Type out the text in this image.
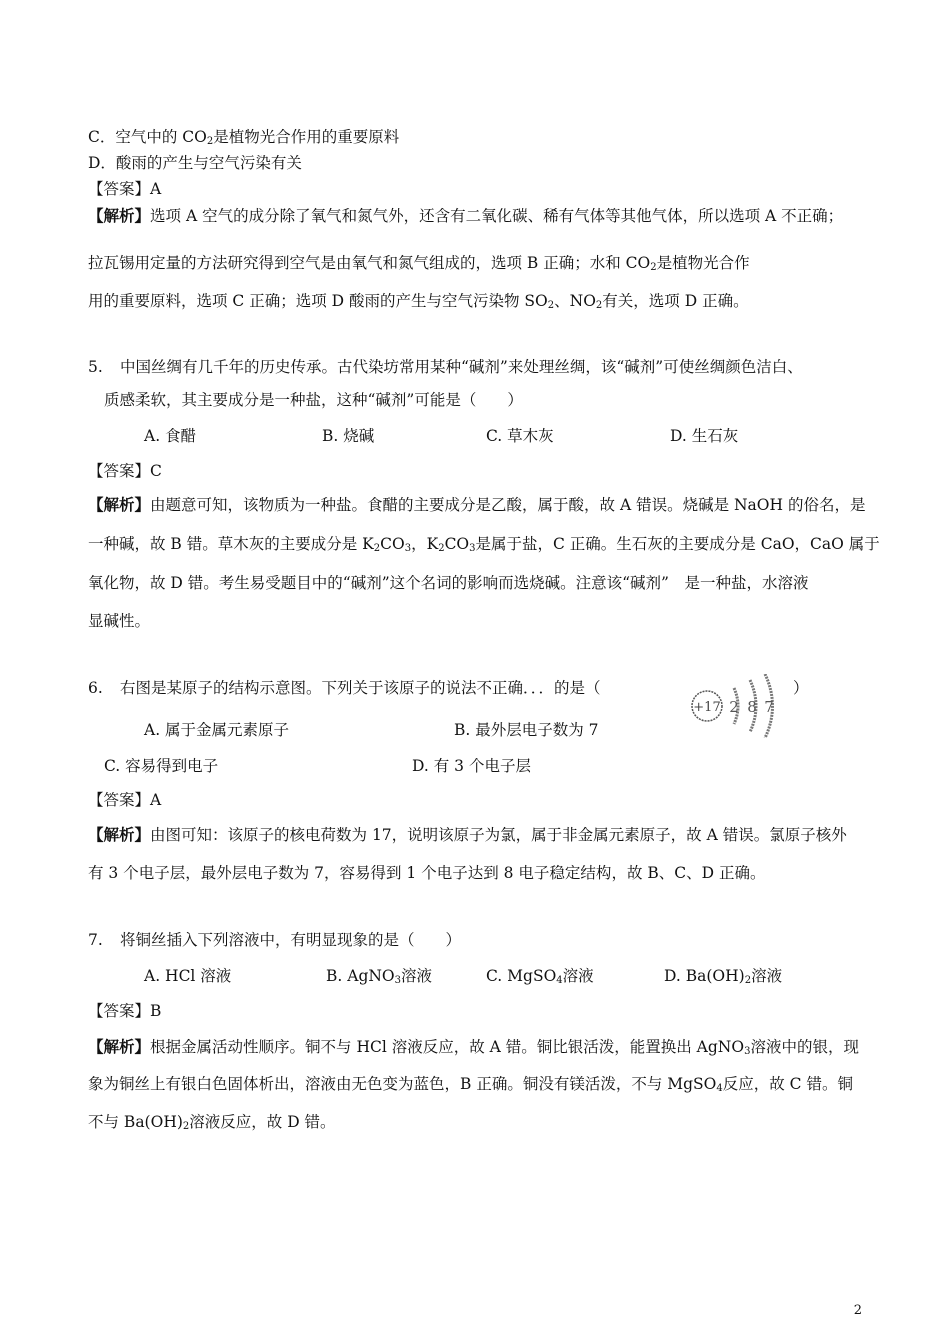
C．空气中的 $CO_2$是植物光合作用的重要原料
D．酸雨的产生与空气污染有关
【答案】A
【解析】选项 A 空气的成分除了氧气和氮气外，还含有二氧化碳、稀有气体等其他气体，所以选项 A 不正确；
拉瓦锡用定量的方法研究得到空气是由氧气和氮气组成的，选项 B 正确；水和 $CO_2$是植物光合作
用的重要原料，选项 C 正确；选项 D 酸雨的产生与空气污染物 $SO_2$、$NO_2$有关，选项 D 正确。
5. 中国丝绸有几千年的历史传承。古代染坊常用某种“碱剂”来处理丝绸，该“碱剂”可使丝绸颜色洁白、
质感柔软，其主要成分是一种盐，这种“碱剂”可能是（　　）
A. 食醋	B. 烧碱	C. 草木灰	D. 生石灰
【答案】C
【解析】由题意可知，该物质为一种盐。食醋的主要成分是乙酸，属于酸，故 A 错误。烧碱是 NaOH 的俗名，是
一种碱，故 B 错。草木灰的主要成分是 $K_2CO_3$，$K_2CO_3$是属于盐，C 正确。生石灰的主要成分是 CaO，CaO 属于
氧化物，故 D 错。考生易受题目中的“碱剂”这个名词的影响而选烧碱。注意该“碱剂”　是一种盐，水溶液
显碱性。
6. 右图是某原子的结构示意图。下列关于该原子的说法不正确．．．的是（
+17 2 8 7
）
A. 属于金属元素原子	B. 最外层电子数为 7
C. 容易得到电子	D. 有 3 个电子层
【答案】A
【解析】由图可知：该原子的核电荷数为 17，说明该原子为氯，属于非金属元素原子，故 A 错误。氯原子核外
有 3 个电子层，最外层电子数为 7，容易得到 1 个电子达到 8 电子稳定结构，故 B、C、D 正确。
7. 将铜丝插入下列溶液中，有明显现象的是（　　）
A. HCl 溶液	B. AgNO$_3$溶液	C. MgSO$_4$溶液	D. $Ba(OH)_2$溶液
【答案】B
【解析】根据金属活动性顺序。铜不与 HCl 溶液反应，故 A 错。铜比银活泼，能置换出 AgNO$_3$溶液中的银，现
象为铜丝上有银白色固体析出，溶液由无色变为蓝色，B 正确。铜没有镁活泼，不与 MgSO$_4$反应，故 C 错。铜
不与 $Ba(OH)_2$溶液反应，故 D 错。
2
